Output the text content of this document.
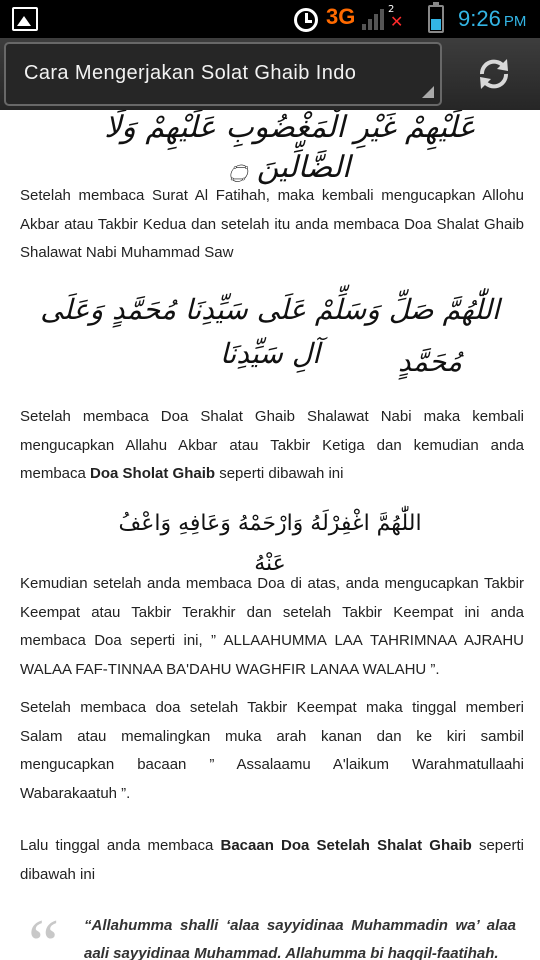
3G	2
✕ 9:26 PM
Cara Mengerjakan Solat Ghaib Indo
عَلَيْهِمْ غَيْرِ الْمَغْضُوبِ عَلَيْهِمْ وَلَا الضَّالِّينَ ۝
Setelah membaca Surat Al Fatihah, maka kembali mengucapkan Allohu Akbar atau Takbir Kedua dan setelah itu anda membaca Doa Shalat Ghaib Shalawat Nabi Muhammad Saw
اللّٰهُمَّ صَلِّ وَسَلِّمْ عَلَى سَيِّدِنَا مُحَمَّدٍ وَعَلَى آلِ سَيِّدِنَا	مُحَمَّدٍ
Setelah membaca Doa Shalat Ghaib Shalawat Nabi maka kembali mengucapkan Allahu Akbar atau Takbir Ketiga dan kemudian anda membaca Doa Sholat Ghaib seperti dibawah ini
اللّٰهُمَّ اغْفِرْلَهُ وَارْحَمْهُ وَعَافِهِ وَاعْفُ عَنْهُ
Kemudian setelah anda membaca Doa di atas, anda mengucapkan Takbir Keempat atau Takbir Terakhir dan setelah Takbir Keempat ini anda membaca Doa seperti ini, ” ALLAAHUMMA LAA TAHRIMNAA AJRAHU WALAA FAF-TINNAA BA'DAHU WAGHFIR LANAA WALAHU ”.
Setelah membaca doa setelah Takbir Keempat maka tinggal memberi Salam atau memalingkan muka arah kanan dan ke kiri sambil mengucapkan bacaan ” Assalaamu A'laikum Warahmatullaahi Wabarakaatuh ”.
Lalu tinggal anda membaca Bacaan Doa Setelah Shalat Ghaib seperti dibawah ini
“ “Allahumma shalli ‘alaa sayyidinaa Muhammadin wa’ alaa aali sayyidinaa Muhammad. Allahumma bi haqqil-faatihah.
